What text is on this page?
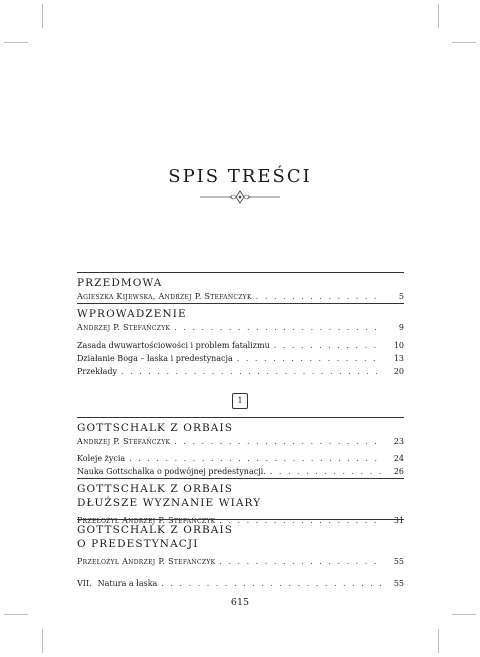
SPIS TREŚCI
PRZEDMOWA
Agieszka Kijewska, Andrzej P. Stefańczyk . . .	5
WPROWADZENIE
Andrzej P. Stefańczyk . . .	9
Zasada dwuwartościowości i problem fatalizmu . . .	10
Działanie Boga – łaska i predestynacja . . .	13
Przekłady . . .	20
1
GOTTSCHALK Z ORBAIS
Andrzej P. Stefańczyk . . .	23
Koleje życia . . .	24
Nauka Gottschalka o podwójnej predestynacji. . . .	26
GOTTSCHALK Z ORBAIS
DŁUŻSZE WYZNANIE WIARY
Przełożył Andrzej P. Stefańczyk . . .	31
GOTTSCHALK Z ORBAIS
O PREDESTYNACJI
Przełożył Andrzej P. Stefańczyk . . .	55
VII. Natura a łaska . . .	55
615
